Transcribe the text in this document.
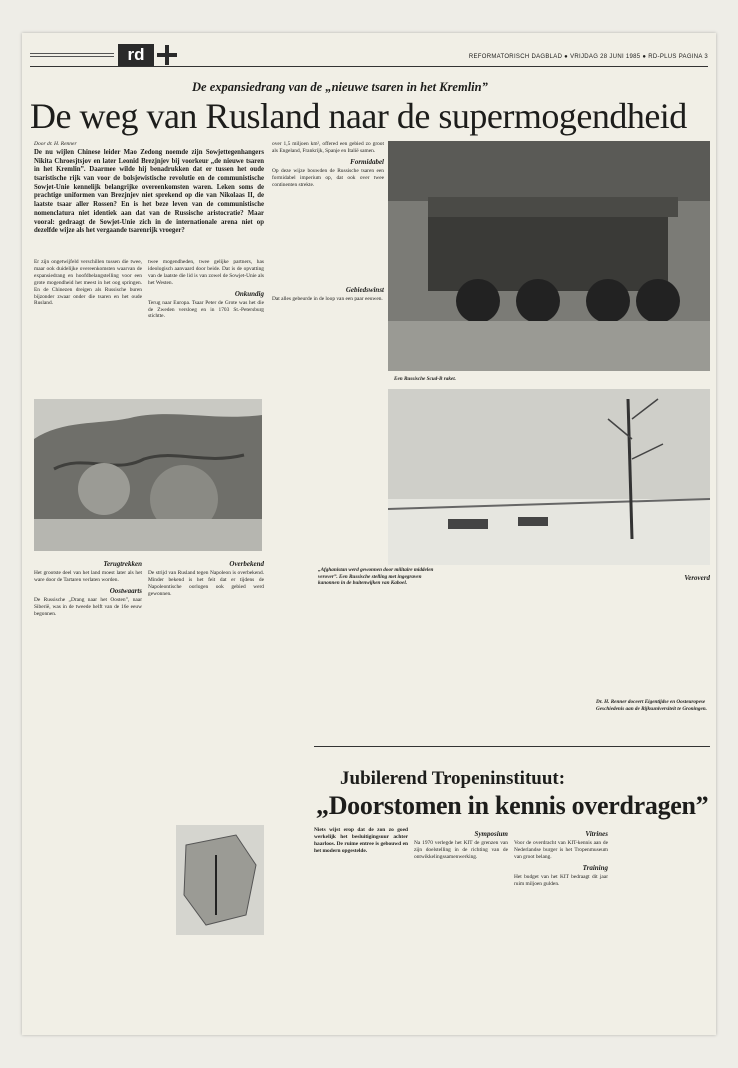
rd	REFORMATORISCH DAGBLAD ● VRIJDAG 28 JUNI 1985 ● RD-PLUS PAGINA 3
De expansiedrang van de „nieuwe tsaren in het Kremlin”
De weg van Rusland naar de supermogendheid
Door dr. H. Renner
De nu wijlen Chinese leider Mao Zedong noemde zijn Sowjettegenhangers Nikita Chroesjtsjov en later Leonid Brezjnjev bij voorkeur „de nieuwe tsaren in het Kremlin”. Daarmee wilde hij benadrukken dat er tussen het oude tsaristische rijk van voor de bolsjewistische revolutie en de communistische Sowjet-Unie kennelijk belangrijke overeenkomsten waren. Leken soms de prachtige uniformen van Brezjnjev niet sprekend op die van Nikolaas II, de laatste tsaar aller Rossen? En is het beze leven van de communistische nomenclatura niet identiek aan dat van de Russische aristocratie? Maar vooral: gedraagt de Sowjet-Unie zich in de internationale arena niet op dezelfde wijze als het vergaande tsarenrijk vroeger?

Er zijn ongetwijfeld verschillen tussen die twee, maar ook duidelijke overeenkomsten waarvan de expansiedrang en hoofdbelangstelling voor een grote mogendheid het meest in het oog springen. En de Chinezen dreigen als Russische buren bijzonder zwaar onder die tsaren en het oude Rusland.

twee mogendheden, twee gelijke partners, has ideologisch aanvaard door beide. Dat is de opvatting van de laatste die lid is van zowel de Sowjet-Unie als het Westen.

Onkundig

Terug naar Europa. Tsaar Peter de Grote was het die de Zweden versloeg en in 1703 St.-Petersburg stichtte.

over 1,5 miljoen km², offered een gebied zo groot als Engeland, Frankrijk, Spanje en Italië samen.

Formidabel

Op deze wijze bouwden de Russische tsaren een formidabel imperium op, dat ook over twee continenten strekte.

Terugtrekken

Het grootste deel van het land moest later als het ware door de Tartaren verlaten worden.

Oostwaarts

De Russische „Drang naar het Oosten”, naar Siberië, was in de tweede helft van de 16e eeuw begonnen.

Overbekend

De strijd van Rusland tegen Napoleon is overbekend. Minder bekend is het feit dat er tijdens de Napoleontische oorlogen ook gebied werd gewonnen.

Een Russische Scud-B raket.
Gebiedswinst

Dat alles gebeurde in de loop van een paar eeuwen.

„Afghanistan werd gewonnen door militaire middelen verover”. Een Russische stelling met ingegraven kanonnen in de buitenwijken van Kaboel.
Veroverd
Dr. H. Renner doceert Eigentijdse en Oosteuropese Geschiedenis aan de Rijksuniversiteit te Groningen.
Jubilerend Tropeninstituut:
„Doorstomen in kennis overdragen”

Niets wijst erop dat de zon zo goed werkelijk het besluitigingsuur achter haarloos. De ruime entree is gebouwd en het modern opgestelde.

Symposium

Na 1970 verlegde het KIT de grenzen van zijn doelstelling in de richting van de ontwikkelingssamenwerking.

Vitrines

Voor de overdracht van KIT-kennis aan de Nederlandse burger is het Tropenmuseum van groot belang.

Training

Het budget van het KIT bedraagt dit jaar ruim miljoen gulden.
